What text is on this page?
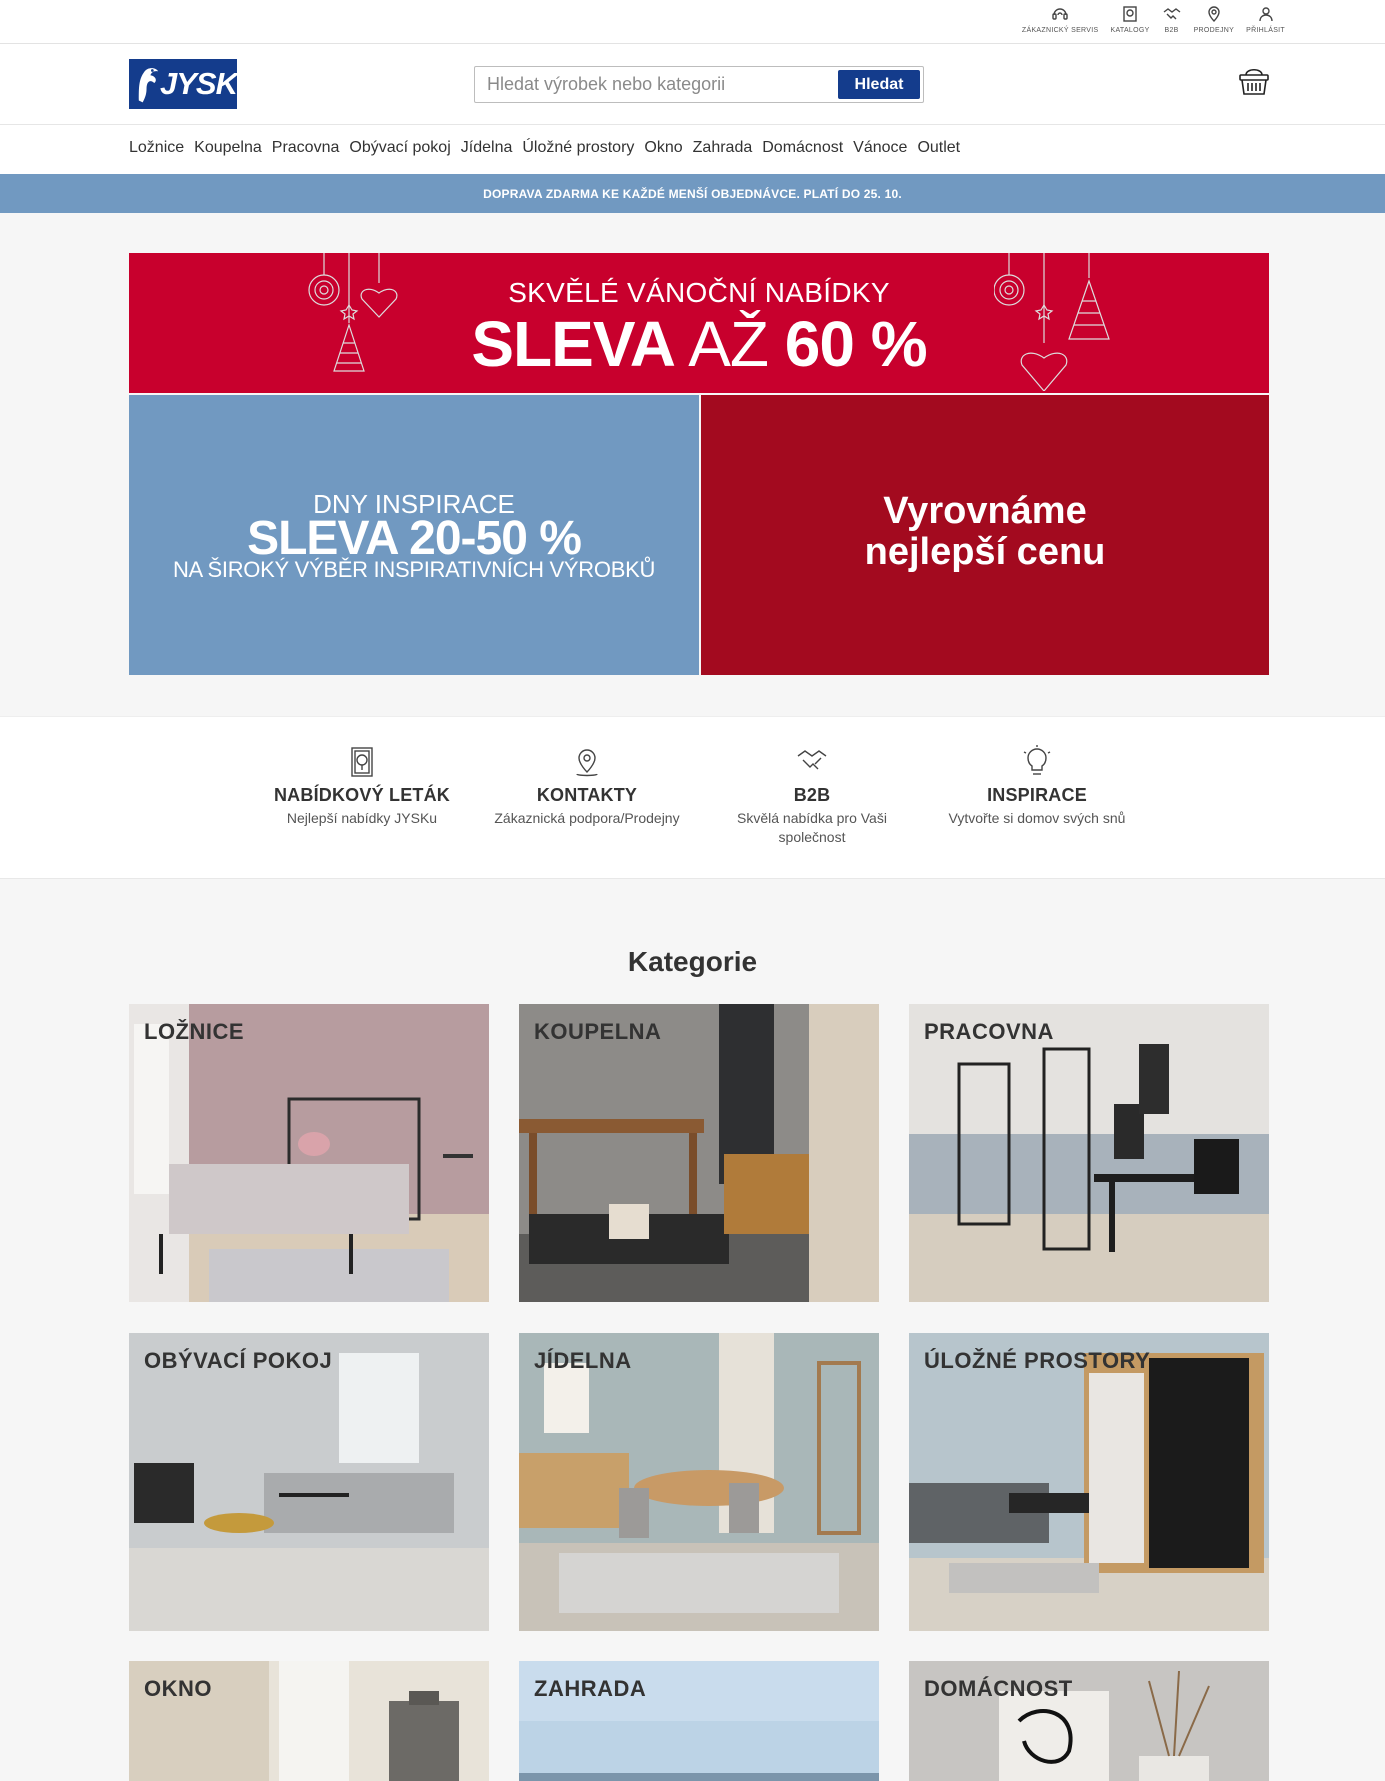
ZÁKAZNICKÝ SERVIS KATALOGY B2B PRODEJNY PŘIHLÁSIT
JYSK
Hledat výrobek nebo kategorii	Hledat
Ložnice Koupelna Pracovna Obývací pokoj Jídelna Úložné prostory Okno Zahrada Domácnost Vánoce Outlet
DOPRAVA ZDARMA KE KAŽDÉ MENŠÍ OBJEDNÁVCE. PLATÍ DO 25. 10.
SKVĚLÉ VÁNOČNÍ NABÍDKY
SLEVA AŽ 60 %
DNY INSPIRACE
SLEVA 20-50 %
NA ŠIROKÝ VÝBĚR INSPIRATIVNÍCH VÝROBKŮ
Vyrovnáme
nejlepší cenu
NABÍDKOVÝ LETÁK
Nejlepší nabídky JYSKu
KONTAKTY
Zákaznická podpora/Prodejny
B2B
Skvělá nabídka pro Vaši společnost
INSPIRACE
Vytvořte si domov svých snů
Kategorie
LOŽNICE	KOUPELNA	PRACOVNA
OBÝVACÍ POKOJ	JÍDELNA	ÚLOŽNÉ PROSTORY
OKNO	ZAHRADA	DOMÁCNOST
